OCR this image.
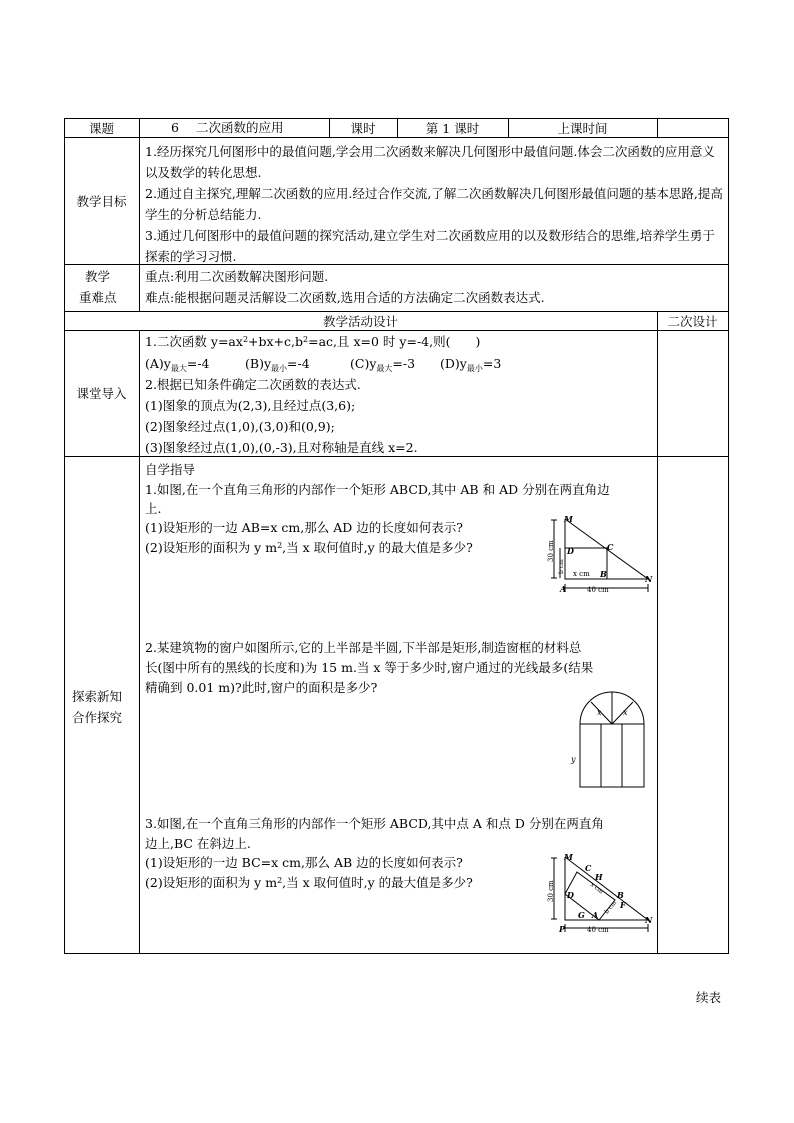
课题	6 二次函数的应用	课时	第 1 课时	上课时间
教学目标
1.经历探究几何图形中的最值问题,学会用二次函数来解决几何图形中最值问题.体会二次函数的应用意义以及数学的转化思想.
2.通过自主探究,理解二次函数的应用.经过合作交流,了解二次函数解决几何图形最值问题的基本思路,提高学生的分析总结能力.
3.通过几何图形中的最值问题的探究活动,建立学生对二次函数应用的以及数形结合的思维,培养学生勇于探索的学习习惯.
教学
重难点
重点:利用二次函数解决图形问题.
难点:能根据问题灵活解设二次函数,选用合适的方法确定二次函数表达式.
教学活动设计	二次设计
课堂导入
1.二次函数 $y=ax^2+bx+c,b^2=ac$,且 x=0 时 y=-4,则(　　)
$(A)y_{最大}=-4$	$(B)y_{最小}=-4$	$(C)y_{最大}=-3$ $(D)y_{最小}=3$
2.根据已知条件确定二次函数的表达式.
(1)图象的顶点为(2,3),且经过点(3,6);
(2)图象经过点(1,0),(3,0)和(0,9);
(3)图象经过点(1,0),(0,-3),且对称轴是直线 x=2.
探索新知
合作探究
自学指导
1.如图,在一个直角三角形的内部作一个矩形 ABCD,其中 AB 和 AD 分别在两直角边
上.
(1)设矩形的一边 AB=x cm,那么 AD 边的长度如何表示?
(2)设矩形的面积为 y $m^2$,当 x 取何值时,y 的最大值是多少?
2.某建筑物的窗户如图所示,它的上半部是半圆,下半部是矩形,制造窗框的材料总
长(图中所有的黑线的长度和)为 15 m.当 x 等于多少时,窗户通过的光线最多(结果
精确到 0.01 m)?此时,窗户的面积是多少?
3.如图,在一个直角三角形的内部作一个矩形 ABCD,其中点 A 和点 D 分别在两直角
边上,BC 在斜边上.
(1)设矩形的一边 BC=x cm,那么 AB 边的长度如何表示?
(2)设矩形的面积为 y $m^2$,当 x 取何值时,y 的最大值是多少?
M
D	C
A
B	N
x cm
40 cm
30 cm
b cm
x	x
y
M
C
H
D
G A
B
F
P
N
40 cm
30 cm	x cm
b cm
续表
